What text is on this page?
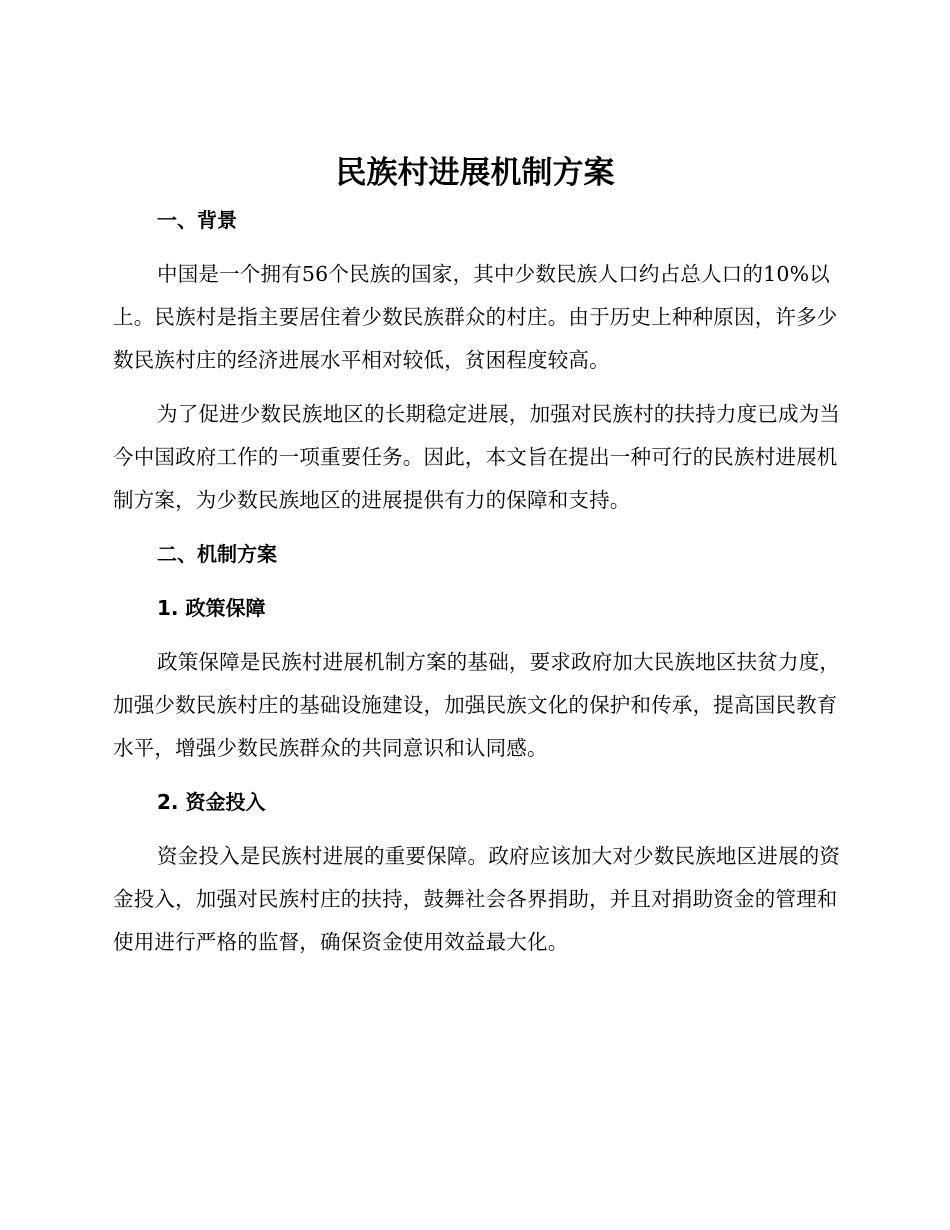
民族村进展机制方案
一、背景

中国是一个拥有56个民族的国家，其中少数民族人口约占总人口的10%以上。民族村是指主要居住着少数民族群众的村庄。由于历史上种种原因，许多少数民族村庄的经济进展水平相对较低，贫困程度较高。

为了促进少数民族地区的长期稳定进展，加强对民族村的扶持力度已成为当今中国政府工作的一项重要任务。因此，本文旨在提出一种可行的民族村进展机制方案，为少数民族地区的进展提供有力的保障和支持。

二、机制方案
1. 政策保障

政策保障是民族村进展机制方案的基础，要求政府加大民族地区扶贫力度，加强少数民族村庄的基础设施建设，加强民族文化的保护和传承，提高国民教育水平，增强少数民族群众的共同意识和认同感。

2. 资金投入

资金投入是民族村进展的重要保障。政府应该加大对少数民族地区进展的资金投入，加强对民族村庄的扶持，鼓舞社会各界捐助，并且对捐助资金的管理和使用进行严格的监督，确保资金使用效益最大化。
